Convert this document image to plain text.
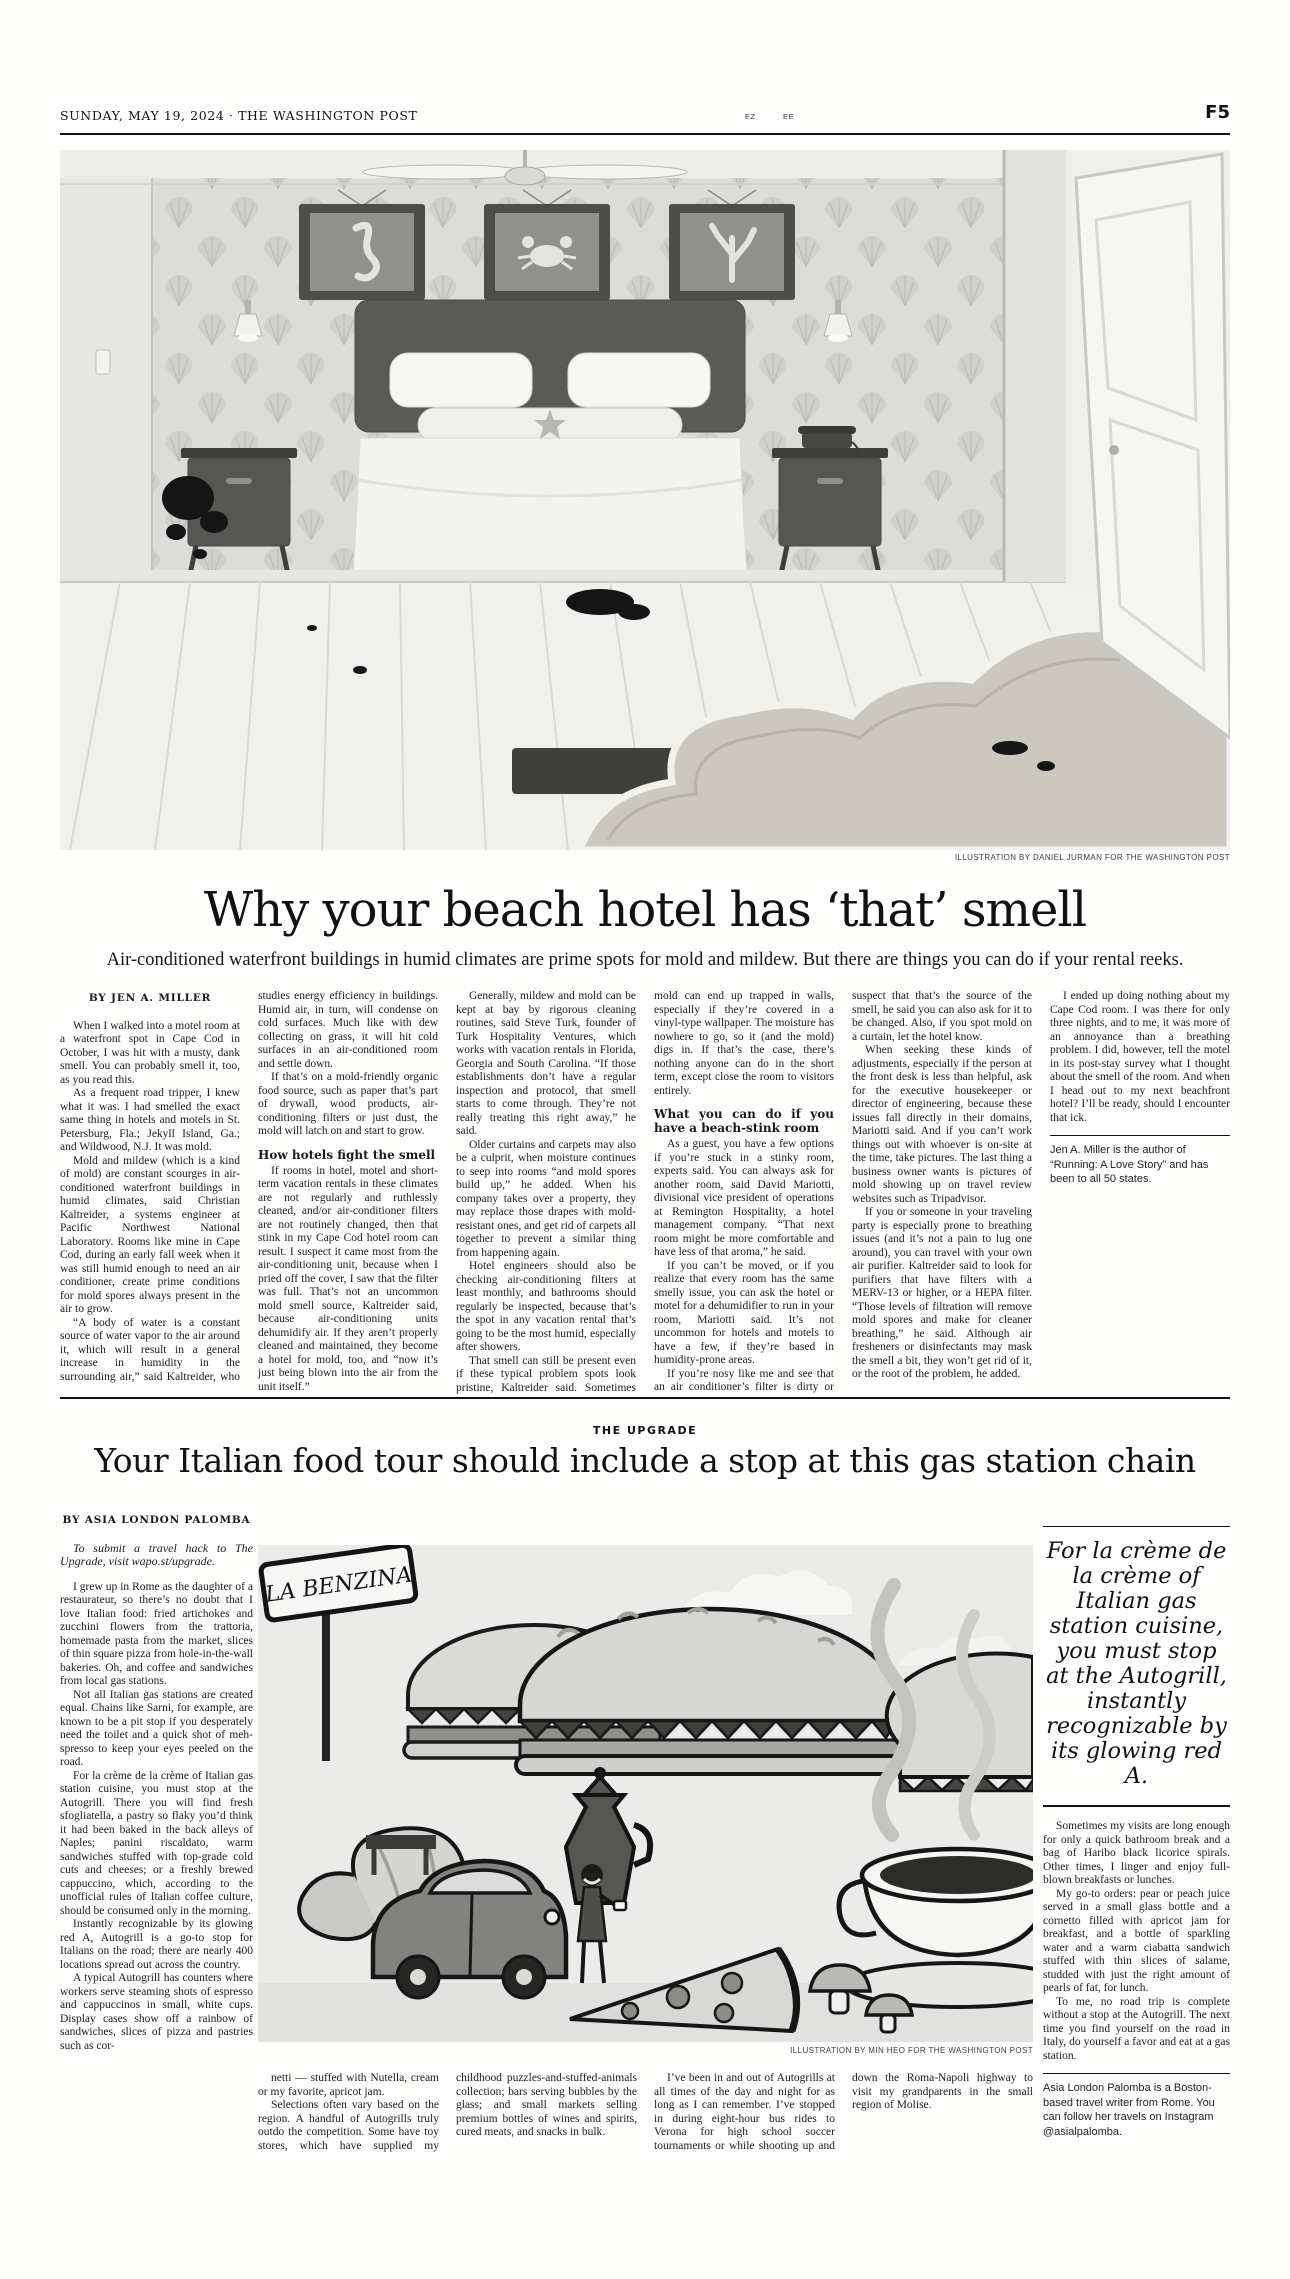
SUNDAY, MAY 19, 2024 · THE WASHINGTON POST	EZ	EE	F5
ILLUSTRATION BY DANIEL JURMAN FOR THE WASHINGTON POST
Why your beach hotel has ‘that’ smell

Air-conditioned waterfront buildings in humid climates are prime spots for mold and mildew. But there are things you can do if your rental reeks.

BY JEN A. MILLER

When I walked into a motel room at a waterfront spot in Cape Cod in October, I was hit with a musty, dank smell. You can probably smell it, too, as you read this.

As a frequent road tripper, I knew what it was. I had smelled the exact same thing in hotels and motels in St. Petersburg, Fla.; Jekyll Island, Ga.; and Wildwood, N.J. It was mold.

Mold and mildew (which is a kind of mold) are constant scourges in air-conditioned waterfront buildings in humid climates, said Christian Kaltreider, a systems engineer at Pacific Northwest National Laboratory. Rooms like mine in Cape Cod, during an early fall week when it was still humid enough to need an air conditioner, create prime conditions for mold spores always present in the air to grow.

“A body of water is a constant source of water vapor to the air around it, which will result in a general increase in humidity in the surrounding air,” said Kaltreider, who studies energy efficiency in buildings. Humid air, in turn, will condense on cold surfaces. Much like with dew collecting on grass, it will hit cold surfaces in an air-conditioned room and settle down.

If that’s on a mold-friendly organic food source, such as paper that’s part of drywall, wood products, air-conditioning filters or just dust, the mold will latch on and start to grow.

How hotels fight the smell

If rooms in hotel, motel and short-term vacation rentals in these climates are not regularly and ruthlessly cleaned, and/or air-conditioner filters are not routinely changed, then that stink in my Cape Cod hotel room can result. I suspect it came most from the air-conditioning unit, because when I pried off the cover, I saw that the filter was full. That’s not an uncommon mold smell source, Kaltreider said, because air-conditioning units dehumidify air. If they aren’t properly cleaned and maintained, they become a hotel for mold, too, and “now it’s just being blown into the air from the unit itself.”

Generally, mildew and mold can be kept at bay by rigorous cleaning routines, said Steve Turk, founder of Turk Hospitality Ventures, which works with vacation rentals in Florida, Georgia and South Carolina. “If those establishments don’t have a regular inspection and protocol, that smell starts to come through. They’re not really treating this right away,” he said.

Older curtains and carpets may also be a culprit, when moisture continues to seep into rooms “and mold spores build up,” he added. When his company takes over a property, they may replace those drapes with mold-resistant ones, and get rid of carpets all together to prevent a similar thing from happening again.

Hotel engineers should also be checking air-conditioning filters at least monthly, and bathrooms should regularly be inspected, because that’s the spot in any vacation rental that’s going to be the most humid, especially after showers.

That smell can still be present even if these typical problem spots look pristine, Kaltreider said. Sometimes mold can end up trapped in walls, especially if they’re covered in a vinyl-type wallpaper. The moisture has nowhere to go, so it (and the mold) digs in. If that’s the case, there’s nothing anyone can do in the short term, except close the room to visitors entirely.

What you can do if you have a beach-stink room

As a guest, you have a few options if you’re stuck in a stinky room, experts said. You can always ask for another room, said David Mariotti, divisional vice president of operations at Remington Hospitality, a hotel management company. “That next room might be more comfortable and have less of that aroma,” he said.

If you can’t be moved, or if you realize that every room has the same smelly issue, you can ask the hotel or motel for a dehumidifier to run in your room, Mariotti said. It’s not uncommon for hotels and motels to have a few, if they’re based in humidity-prone areas.

If you’re nosy like me and see that an air conditioner’s filter is dirty or suspect that that’s the source of the smell, he said you can also ask for it to be changed. Also, if you spot mold on a curtain, let the hotel know.

When seeking these kinds of adjustments, especially if the person at the front desk is less than helpful, ask for the executive housekeeper or director of engineering, because these issues fall directly in their domains, Mariotti said. And if you can’t work things out with whoever is on-site at the time, take pictures. The last thing a business owner wants is pictures of mold showing up on travel review websites such as Tripadvisor.

If you or someone in your traveling party is especially prone to breathing issues (and it’s not a pain to lug one around), you can travel with your own air purifier. Kaltreider said to look for purifiers that have filters with a MERV-13 or higher, or a HEPA filter. “Those levels of filtration will remove mold spores and make for cleaner breathing,” he said. Although air fresheners or disinfectants may mask the smell a bit, they won’t get rid of it, or the root of the problem, he added.

I ended up doing nothing about my Cape Cod room. I was there for only three nights, and to me, it was more of an annoyance than a breathing problem. I did, however, tell the motel in its post-stay survey what I thought about the smell of the room. And when I head out to my next beachfront hotel? I’ll be ready, should I encounter that ick.

Jen A. Miller is the author of “Running: A Love Story” and has been to all 50 states.

THE UPGRADE
Your Italian food tour should include a stop at this gas station chain
BY ASIA LONDON PALOMBA

To submit a travel hack to The Upgrade, visit wapo.st/upgrade.

I grew up in Rome as the daughter of a restaurateur, so there’s no doubt that I love Italian food: fried artichokes and zucchini flowers from the trattoria, homemade pasta from the market, slices of thin square pizza from hole-in-the-wall bakeries. Oh, and coffee and sandwiches from local gas stations.

Not all Italian gas stations are created equal. Chains like Sarni, for example, are known to be a pit stop if you desperately need the toilet and a quick shot of meh-spresso to keep your eyes peeled on the road.

For la crème de la crème of Italian gas station cuisine, you must stop at the Autogrill. There you will find fresh sfogliatella, a pastry so flaky you’d think it had been baked in the back alleys of Naples; panini riscaldato, warm sandwiches stuffed with top-grade cold cuts and cheeses; or a freshly brewed cappuccino, which, according to the unofficial rules of Italian coffee culture, should be consumed only in the morning.

Instantly recognizable by its glowing red A, Autogrill is a go-to stop for Italians on the road; there are nearly 400 locations spread out across the country.

A typical Autogrill has counters where workers serve steaming shots of espresso and cappuccinos in small, white cups. Display cases show off a rainbow of sandwiches, slices of pizza and pastries such as cor-

LA BENZINA
ILLUSTRATION BY MIN HEO FOR THE WASHINGTON POST

netti — stuffed with Nutella, cream or my favorite, apricot jam.

Selections often vary based on the region. A handful of Autogrills truly outdo the competition. Some have toy stores, which have supplied my childhood puzzles-and-stuffed-animals collection; bars serving bubbles by the glass; and small markets selling premium bottles of wines and spirits, cured meats, and snacks in bulk.

I’ve been in and out of Autogrills at all times of the day and night for as long as I can remember. I’ve stopped in during eight-hour bus rides to Verona for high school soccer tournaments or while shooting up and down the Roma-Napoli highway to visit my grandparents in the small region of Molise.

For la crème de la crème of Italian gas station cuisine, you must stop at the Autogrill, instantly recognizable by its glowing red A.

Sometimes my visits are long enough for only a quick bathroom break and a bag of Haribo black licorice spirals. Other times, I linger and enjoy full-blown breakfasts or lunches.

My go-to orders: pear or peach juice served in a small glass bottle and a cornetto filled with apricot jam for breakfast, and a bottle of sparkling water and a warm ciabatta sandwich stuffed with thin slices of salame, studded with just the right amount of pearls of fat, for lunch.

To me, no road trip is complete without a stop at the Autogrill. The next time you find yourself on the road in Italy, do yourself a favor and eat at a gas station.

Asia London Palomba is a Boston-based travel writer from Rome. You can follow her travels on Instagram @asialpalomba.
